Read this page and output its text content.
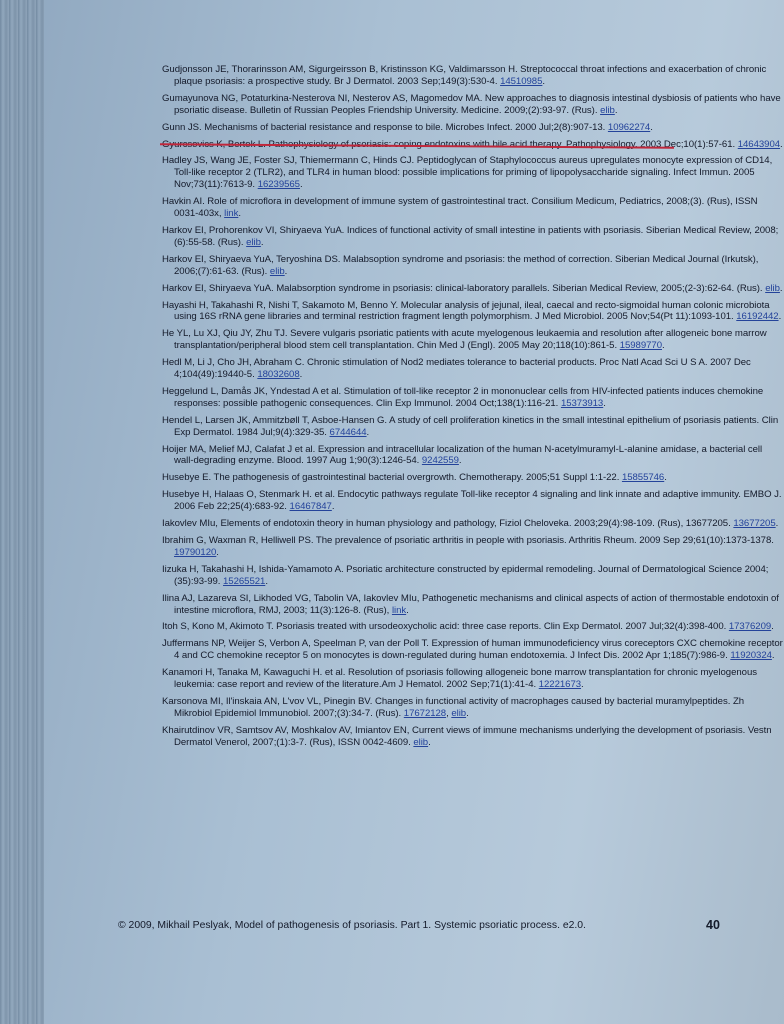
Gudjonsson JE, Thorarinsson AM, Sigurgeirsson B, Kristinsson KG, Valdimarsson H. Streptococcal throat infections and exacerbation of chronic plaque psoriasis: a prospective study. Br J Dermatol. 2003 Sep;149(3):530-4. 14510985.
Gumayunova NG, Potaturkina-Nesterova NI, Nesterov AS, Magomedov MA. New approaches to diagnosis intestinal dysbiosis of patients who have psoriatic disease. Bulletin of Russian Peoples Friendship University. Medicine. 2009;(2):93-97. (Rus). elib.
Gunn JS. Mechanisms of bacterial resistance and response to bile. Microbes Infect. 2000 Jul;2(8):907-13. 10962274.
Gyurcsovics K, Bertok L. Pathophysiology of psoriasis: coping endotoxins with bile acid therapy. Pathophysiology. 2003 Dec;10(1):57-61. 14643904.
Hadley JS, Wang JE, Foster SJ, Thiemermann C, Hinds CJ. Peptidoglycan of Staphylococcus aureus upregulates monocyte expression of CD14, Toll-like receptor 2 (TLR2), and TLR4 in human blood: possible implications for priming of lipopolysaccharide signaling. Infect Immun. 2005 Nov;73(11):7613-9. 16239565.
Havkin AI. Role of microflora in development of immune system of gastrointestinal tract. Consilium Medicum, Pediatrics, 2008;(3). (Rus), ISSN 0031-403x, link.
Harkov EI, Prohorenkov VI, Shiryaeva YuA. Indices of functional activity of small intestine in patients with psoriasis. Siberian Medical Review, 2008;(6):55-58. (Rus). elib.
Harkov EI, Shiryaeva YuA, Teryoshina DS. Malabsoption syndrome and psoriasis: the method of correction. Siberian Medical Journal (Irkutsk), 2006;(7):61-63. (Rus). elib.
Harkov EI, Shiryaeva YuA. Malabsorption syndrome in psoriasis: clinical-laboratory parallels. Siberian Medical Review, 2005;(2-3):62-64. (Rus). elib.
Hayashi H, Takahashi R, Nishi T, Sakamoto M, Benno Y. Molecular analysis of jejunal, ileal, caecal and recto-sigmoidal human colonic microbiota using 16S rRNA gene libraries and terminal restriction fragment length polymorphism. J Med Microbiol. 2005 Nov;54(Pt 11):1093-101. 16192442.
He YL, Lu XJ, Qiu JY, Zhu TJ. Severe vulgaris psoriatic patients with acute myelogenous leukaemia and resolution after allogeneic bone marrow transplantation/peripheral blood stem cell transplantation. Chin Med J (Engl). 2005 May 20;118(10):861-5. 15989770.
Hedl M, Li J, Cho JH, Abraham C. Chronic stimulation of Nod2 mediates tolerance to bacterial products. Proc Natl Acad Sci U S A. 2007 Dec 4;104(49):19440-5. 18032608.
Heggelund L, Damås JK, Yndestad A et al. Stimulation of toll-like receptor 2 in mononuclear cells from HIV-infected patients induces chemokine responses: possible pathogenic consequences. Clin Exp Immunol. 2004 Oct;138(1):116-21. 15373913.
Hendel L, Larsen JK, Ammitzbøll T, Asboe-Hansen G. A study of cell proliferation kinetics in the small intestinal epithelium of psoriasis patients. Clin Exp Dermatol. 1984 Jul;9(4):329-35. 6744644.
Hoijer MA, Melief MJ, Calafat J et al. Expression and intracellular localization of the human N-acetylmuramyl-L-alanine amidase, a bacterial cell wall-degrading enzyme. Blood. 1997 Aug 1;90(3):1246-54. 9242559.
Husebye E. The pathogenesis of gastrointestinal bacterial overgrowth. Chemotherapy. 2005;51 Suppl 1:1-22. 15855746.
Husebye H, Halaas O, Stenmark H. et al. Endocytic pathways regulate Toll-like receptor 4 signaling and link innate and adaptive immunity. EMBO J. 2006 Feb 22;25(4):683-92. 16467847.
Iakovlev MIu, Elements of endotoxin theory in human physiology and pathology, Fiziol Cheloveka. 2003;29(4):98-109. (Rus), 13677205. 13677205.
Ibrahim G, Waxman R, Helliwell PS. The prevalence of psoriatic arthritis in people with psoriasis. Arthritis Rheum. 2009 Sep 29;61(10):1373-1378. 19790120.
Iizuka H, Takahashi H, Ishida-Yamamoto A. Psoriatic architecture constructed by epidermal remodeling. Journal of Dermatological Science 2004; (35):93-99. 15265521.
Ilina AJ, Lazareva SI, Likhoded VG, Tabolin VA, Iakovlev MIu, Pathogenetic mechanisms and clinical aspects of action of thermostable endotoxin of intestine microflora, RMJ, 2003; 11(3):126-8. (Rus), link.
Itoh S, Kono M, Akimoto T. Psoriasis treated with ursodeoxycholic acid: three case reports. Clin Exp Dermatol. 2007 Jul;32(4):398-400. 17376209.
Juffermans NP, Weijer S, Verbon A, Speelman P, van der Poll T. Expression of human immunodeficiency virus coreceptors CXC chemokine receptor 4 and CC chemokine receptor 5 on monocytes is down-regulated during human endotoxemia. J Infect Dis. 2002 Apr 1;185(7):986-9. 11920324.
Kanamori H, Tanaka M, Kawaguchi H. et al. Resolution of psoriasis following allogeneic bone marrow transplantation for chronic myelogenous leukemia: case report and review of the literature.Am J Hematol. 2002 Sep;71(1):41-4. 12221673.
Karsonova MI, Il'inskaia AN, L'vov VL, Pinegin BV. Changes in functional activity of macrophages caused by bacterial muramylpeptides. Zh Mikrobiol Epidemiol Immunobiol. 2007;(3):34-7. (Rus). 17672128, elib.
Khairutdinov VR, Samtsov AV, Moshkalov AV, Imiantov EN, Current views of immune mechanisms underlying the development of psoriasis. Vestn Dermatol Venerol, 2007;(1):3-7. (Rus), ISSN 0042-4609. elib.
© 2009, Mikhail Peslyak, Model of pathogenesis of psoriasis. Part 1. Systemic psoriatic process. e2.0.	40
